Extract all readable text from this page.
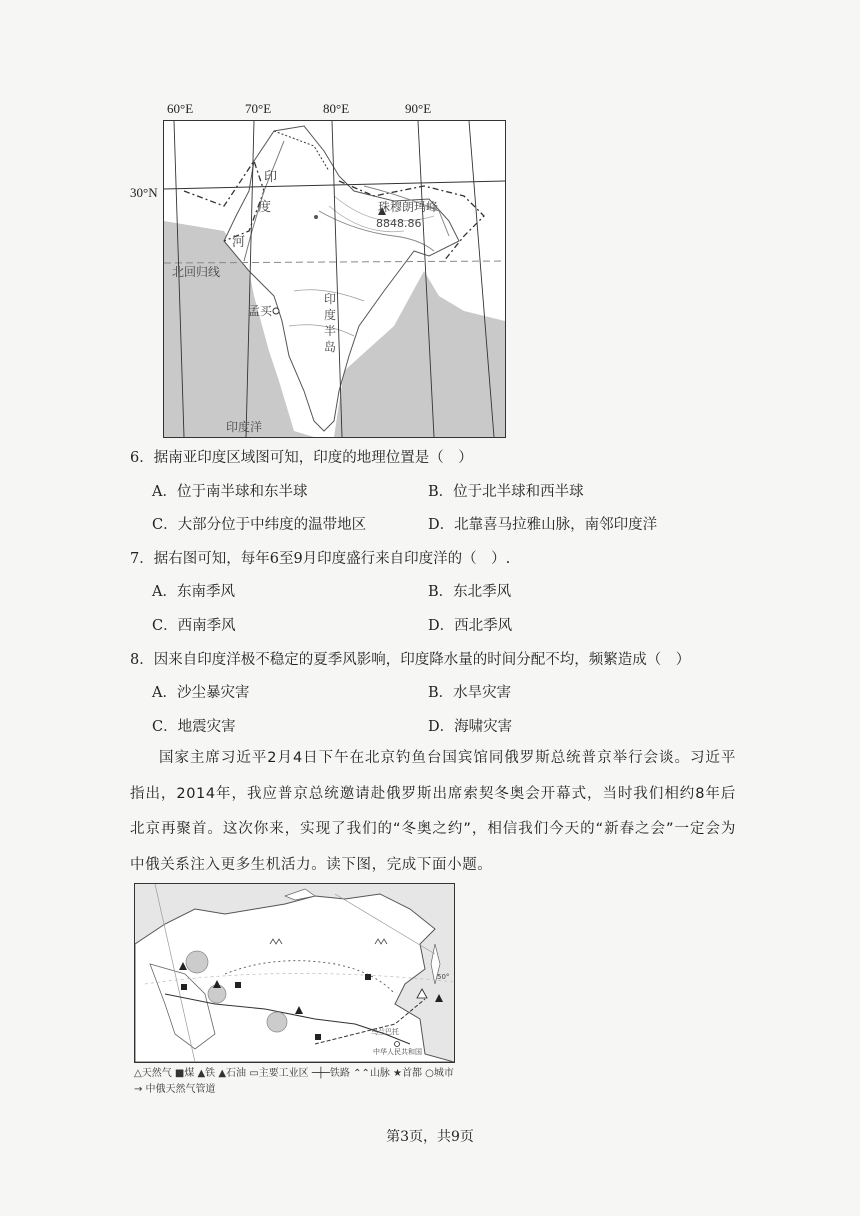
60°E	70°E	80°E	90°E
30°N
印
度
河
北回归线
珠穆朗玛峰
8848.86
孟买
印
度
半
岛
印度洋
6．据南亚印度区域图可知，印度的地理位置是（　）
A．位于南半球和东半球	B．位于北半球和西半球
C．大部分位于中纬度的温带地区	D．北靠喜马拉雅山脉，南邻印度洋
7．据右图可知，每年6至9月印度盛行来自印度洋的（　）.
A．东南季风	B．东北季风
C．西南季风	D．西北季风
8．因来自印度洋极不稳定的夏季风影响，印度降水量的时间分配不均，频繁造成（　）
A．沙尘暴灾害	B．水旱灾害
C．地震灾害	D．海啸灾害

国家主席习近平2月4日下午在北京钓鱼台国宾馆同俄罗斯总统普京举行会谈。习近平指出，2014年，我应普京总统邀请赴俄罗斯出席索契冬奥会开幕式，当时我们相约8年后北京再聚首。这次你来，实现了我们的“冬奥之约”，相信我们今天的“新春之会”一定会为中俄关系注入更多生机活力。读下图，完成下面小题。

50°
乌兰巴托
中华人民共和国
△天然气 ■煤 ▲铁 ▲石油 ▭主要工业区 ─┼─铁路 ⌃⌃山脉 ★首都 ○城市
→ 中俄天然气管道
第3页，共9页
